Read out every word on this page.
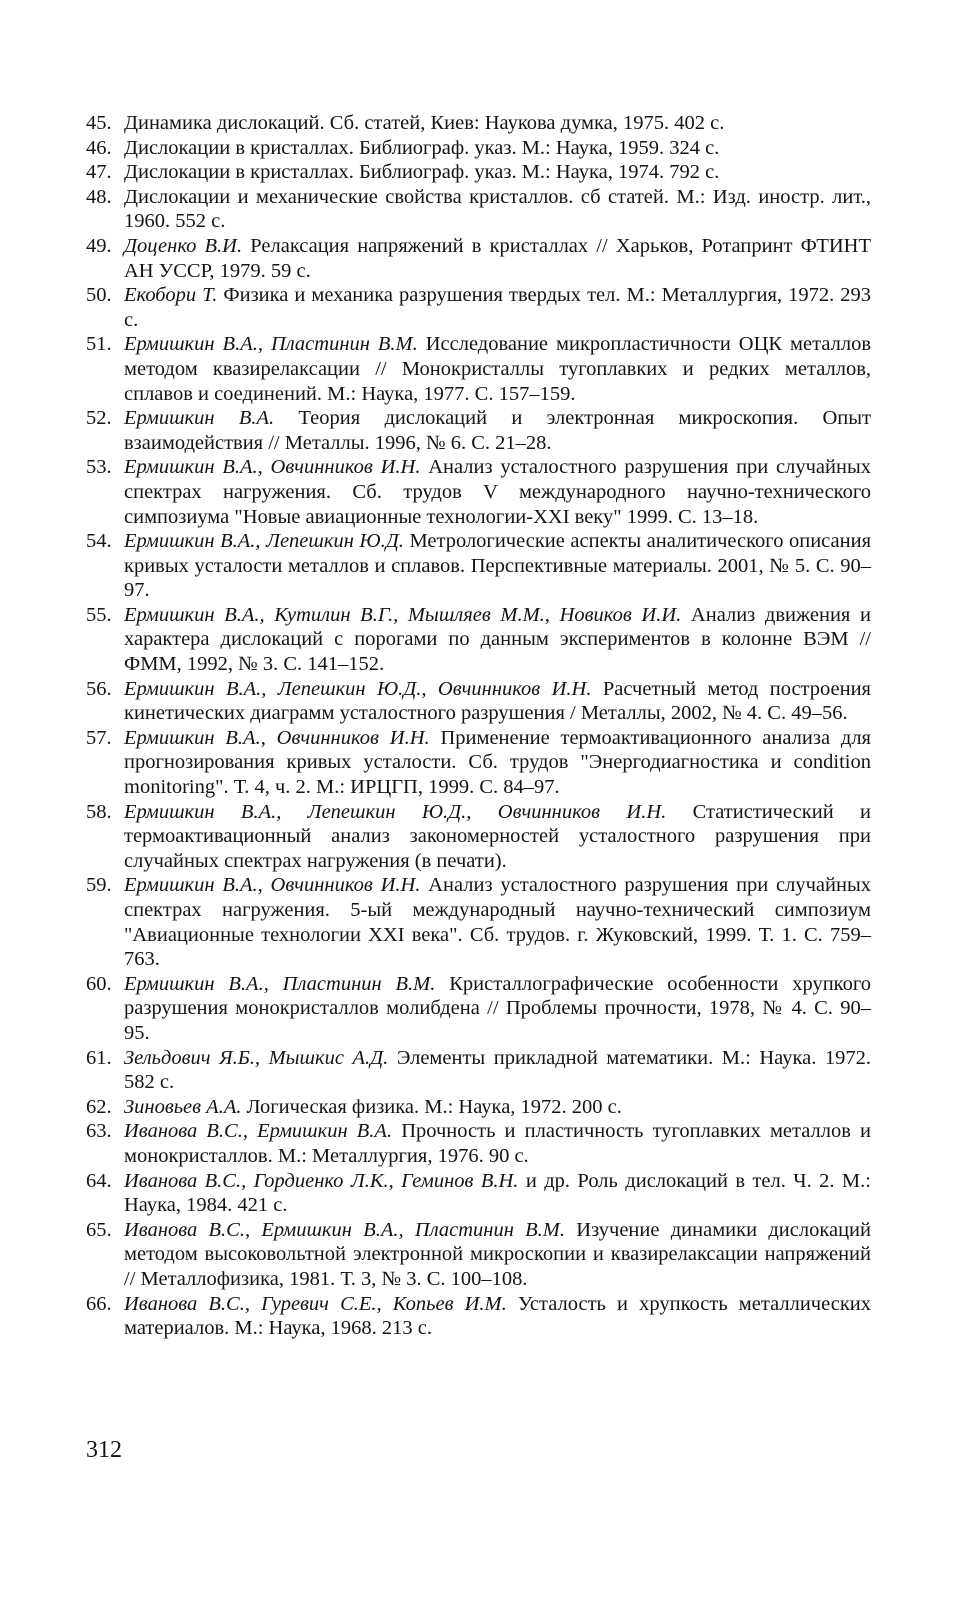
45. Динамика дислокаций. Сб. статей, Киев: Наукова думка, 1975. 402 с.
46. Дислокации в кристаллах. Библиограф. указ. М.: Наука, 1959. 324 с.
47. Дислокации в кристаллах. Библиограф. указ. М.: Наука, 1974. 792 с.
48. Дислокации и механические свойства кристаллов. сб статей. М.: Изд. иностр. лит., 1960. 552 с.
49. Доценко В.И. Релаксация напряжений в кристаллах // Харьков, Ротапринт ФТИНТ АН УССР, 1979. 59 с.
50. Екобори Т. Физика и механика разрушения твердых тел. М.: Металлургия, 1972. 293 с.
51. Ермишкин В.А., Пластинин В.М. Исследование микропластичности ОЦК металлов методом квазирелаксации // Монокристаллы тугоплавких и редких металлов, сплавов и соединений. М.: Наука, 1977. С. 157–159.
52. Ермишкин В.А. Теория дислокаций и электронная микроскопия. Опыт взаимодействия // Металлы. 1996, № 6. С. 21–28.
53. Ермишкин В.А., Овчинников И.Н. Анализ усталостного разрушения при случайных спектрах нагружения. Сб. трудов V международного научно-технического симпозиума "Новые авиационные технологии-XXI веку" 1999. С. 13–18.
54. Ермишкин В.А., Лепешкин Ю.Д. Метрологические аспекты аналитического описания кривых усталости металлов и сплавов. Перспективные материалы. 2001, № 5. С. 90–97.
55. Ермишкин В.А., Кутилин В.Г., Мышляев М.М., Новиков И.И. Анализ движения и характера дислокаций с порогами по данным экспериментов в колонне ВЭМ // ФММ, 1992, № 3. С. 141–152.
56. Ермишкин В.А., Лепешкин Ю.Д., Овчинников И.Н. Расчетный метод построения кинетических диаграмм усталостного разрушения / Металлы, 2002, № 4. С. 49–56.
57. Ермишкин В.А., Овчинников И.Н. Применение термоактивационного анализа для прогнозирования кривых усталости. Сб. трудов "Энергодиагностика и condition monitoring". Т. 4, ч. 2. М.: ИРЦГП, 1999. С. 84–97.
58. Ермишкин В.А., Лепешкин Ю.Д., Овчинников И.Н. Статистический и термоактивационный анализ закономерностей усталостного разрушения при случайных спектрах нагружения (в печати).
59. Ермишкин В.А., Овчинников И.Н. Анализ усталостного разрушения при случайных спектрах нагружения. 5-ый международный научно-технический симпозиум "Авиационные технологии XXI века". Сб. трудов. г. Жуковский, 1999. Т. 1. С. 759–763.
60. Ермишкин В.А., Пластинин В.М. Кристаллографические особенности хрупкого разрушения монокристаллов молибдена // Проблемы прочности, 1978, № 4. С. 90–95.
61. Зельдович Я.Б., Мышкис А.Д. Элементы прикладной математики. М.: Наука. 1972. 582 с.
62. Зиновьев А.А. Логическая физика. М.: Наука, 1972. 200 с.
63. Иванова В.С., Ермишкин В.А. Прочность и пластичность тугоплавких металлов и монокристаллов. М.: Металлургия, 1976. 90 с.
64. Иванова В.С., Гордиенко Л.К., Геминов В.Н. и др. Роль дислокаций в тел. Ч. 2. М.: Наука, 1984. 421 с.
65. Иванова В.С., Ермишкин В.А., Пластинин В.М. Изучение динамики дислокаций методом высоковольтной электронной микроскопии и квазирелаксации напряжений // Металлофизика, 1981. Т. 3, № 3. С. 100–108.
66. Иванова В.С., Гуревич С.Е., Копьев И.М. Усталость и хрупкость металлических материалов. М.: Наука, 1968. 213 с.
312
